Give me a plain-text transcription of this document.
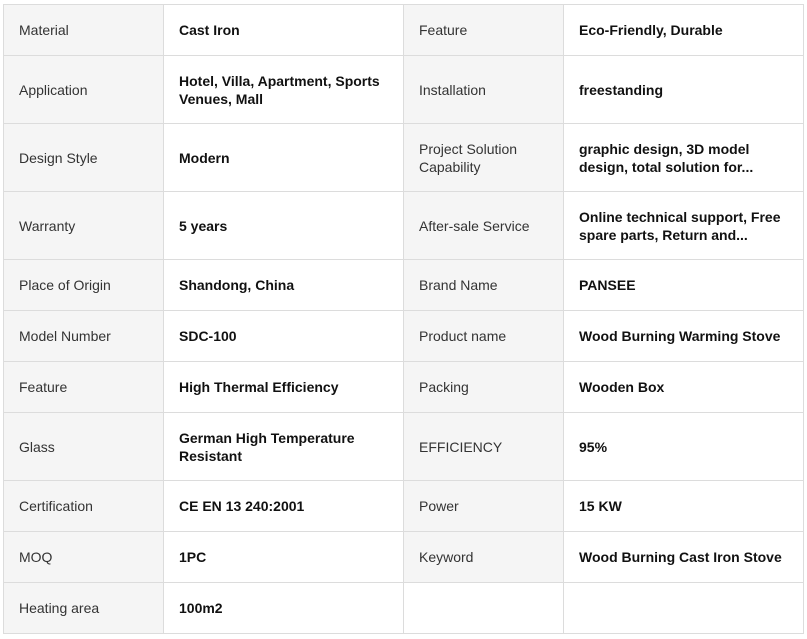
Material	Cast Iron	Feature	Eco-Friendly, Durable
Application	Hotel, Villa, Apartment, Sports Venues, Mall	Installation	freestanding
Design Style	Modern	Project Solution Capability	graphic design, 3D model design, total solution for...
Warranty	5 years	After-sale Service	Online technical support, Free spare parts, Return and...
Place of Origin	Shandong, China	Brand Name	PANSEE
Model Number	SDC-100	Product name	Wood Burning Warming Stove
Feature	High Thermal Efficiency	Packing	Wooden Box
Glass	German High Temperature Resistant	EFFICIENCY	95%
Certification	CE EN 13 240:2001	Power	15 KW
MOQ	1PC	Keyword	Wood Burning Cast Iron Stove
Heating area	100m2		
